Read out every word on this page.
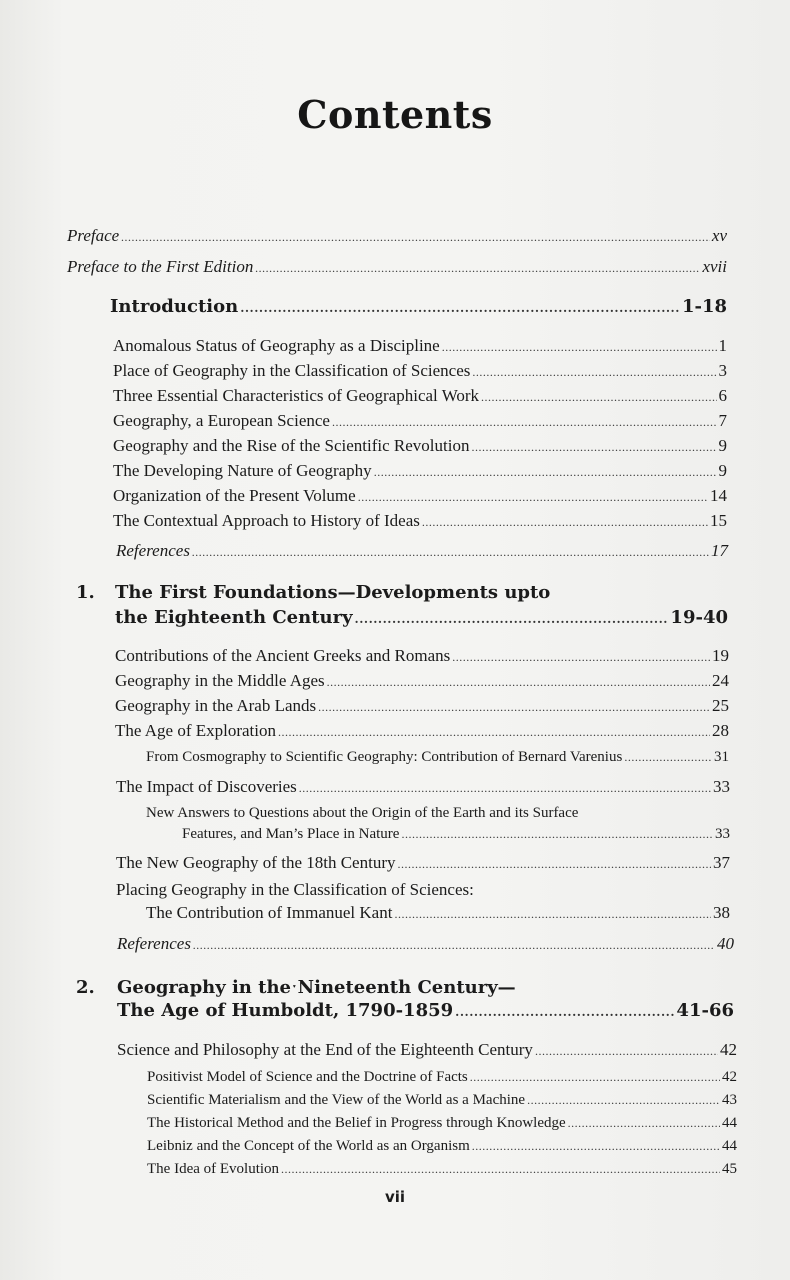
Contents
Preface .....	xv
Preface to the First Edition .....	xvii
Introduction .....	1-18
Anomalous Status of Geography as a Discipline .....	1
Place of Geography in the Classification of Sciences .....	3
Three Essential Characteristics of Geographical Work .....	6
Geography, a European Science .....	7
Geography and the Rise of the Scientific Revolution .....	9
The Developing Nature of Geography .....	9
Organization of the Present Volume .....	14
The Contextual Approach to History of Ideas .....	15
References .....	17
1. The First Foundations—Developments upto
the Eighteenth Century .....	19-40
Contributions of the Ancient Greeks and Romans .....	19
Geography in the Middle Ages .....	24
Geography in the Arab Lands .....	25
The Age of Exploration .....	28
From Cosmography to Scientific Geography: Contribution of Bernard Varenius .....	31
The Impact of Discoveries .....	33
New Answers to Questions about the Origin of the Earth and its Surface
Features, and Man’s Place in Nature .....	33
The New Geography of the 18th Century .....	37
Placing Geography in the Classification of Sciences:
The Contribution of Immanuel Kant .....	38
References .....	40
2. Geography in theˑNineteenth Century—
The Age of Humboldt, 1790-1859 .....	41-66
Science and Philosophy at the End of the Eighteenth Century .....	42
Positivist Model of Science and the Doctrine of Facts .....	42
Scientific Materialism and the View of the World as a Machine .....	43
The Historical Method and the Belief in Progress through Knowledge .....	44
Leibniz and the Concept of the World as an Organism .....	44
The Idea of Evolution .....	45
vii
